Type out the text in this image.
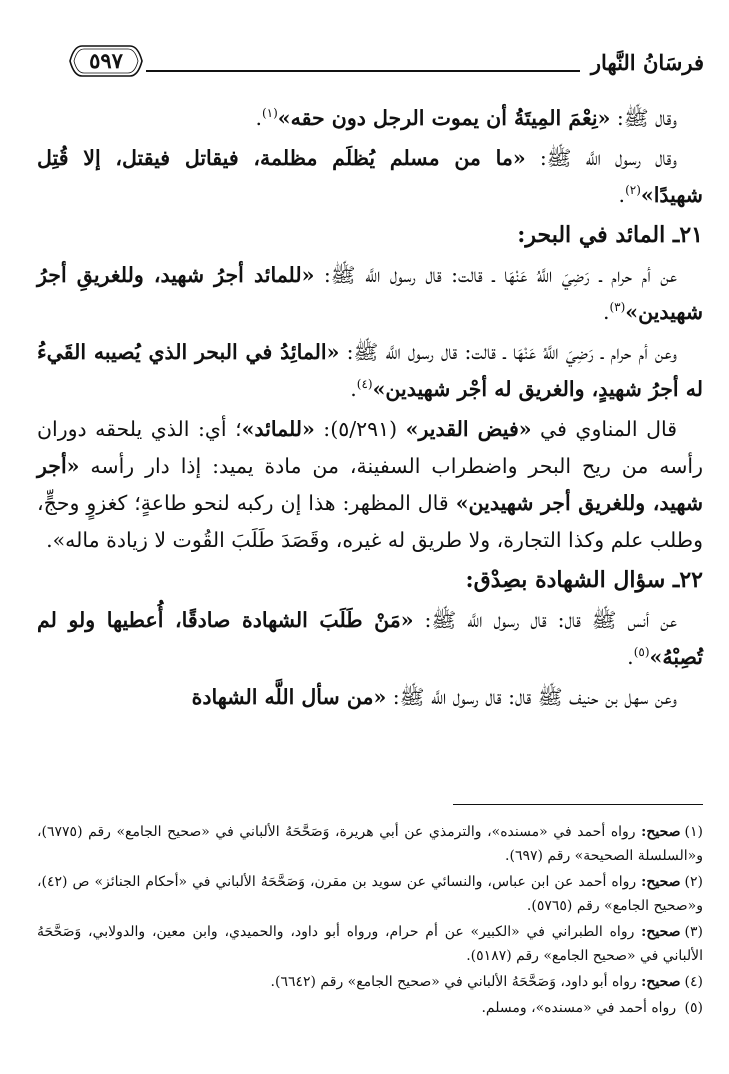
فرسَانُ النَّهار
٥٩٧

وقال ﷺ: «نِعْمَ المِيتَةُ أن يموت الرجل دون حقه»$^{(١)}$.

وقال رسول اللَّه ﷺ: «ما من مسلم يُظلَم مظلمة، فيقاتل فيقتل، إلا قُتِل شهيدًا»$^{(٢)}$.

٢١ـ المائد في البحر:

عن أم حرام ـ رَضِيَ اللَّهُ عَنْهَا ـ قالت: قال رسول اللَّه ﷺ: «للمائد أجرُ شهيد، وللغريقِ أجرُ شهيدين»$^{(٣)}$.

وعن أم حرام ـ رَضِيَ اللَّهُ عَنْهَا ـ قالت: قال رسول اللَّه ﷺ: «المائِدُ في البحر الذي يُصيبه القَيءُ له أجرُ شهيدٍ، والغريق له أجْر شهيدين»$^{(٤)}$.

قال المناوي في «فيض القدير» (٥/٢٩١): «للمائد»؛ أي: الذي يلحقه دوران رأسه من ريح البحر واضطراب السفينة، من مادة يميد: إذا دار رأسه «أجر شهيد، وللغريق أجر شهيدين» قال المظهر: هذا إن ركبه لنحو طاعةٍ؛ كغزوٍ وحجٍّ، وطلب علم وكذا التجارة، ولا طريق له غيره، وقَصَدَ طَلَبَ القُوت لا زيادة ماله».

٢٢ـ سؤال الشهادة بصِدْق:

عن أنس ﷺ قال: قال رسول اللَّه ﷺ: «مَنْ طَلَبَ الشهادة صادقًا، أُعطيها ولو لم تُصِبْهُ»$^{(٥)}$.

وعن سهل بن حنيف ﷺ قال: قال رسول اللَّه ﷺ: «من سأل اللَّه الشهادة

(١)صحيح: رواه أحمد في «مسنده»، والترمذي عن أبي هريرة، وَصَحَّحَهُ الألباني في «صحيح الجامع» رقم (٦٧٧٥)، و«السلسلة الصحيحة» رقم (٦٩٧).

(٢)صحيح: رواه أحمد عن ابن عباس، والنسائي عن سويد بن مقرن، وَصَحَّحَهُ الألباني في «أحكام الجنائز» ص (٤٢)، و«صحيح الجامع» رقم (٥٧٦٥).

(٣)صحيح: رواه الطبراني في «الكبير» عن أم حرام، ورواه أبو داود، والحميدي، وابن معين، والدولابي، وَصَحَّحَهُ الألباني في «صحيح الجامع» رقم (٥١٨٧).

(٤)صحيح: رواه أبو داود، وَصَحَّحَهُ الألباني في «صحيح الجامع» رقم (٦٦٤٢).

(٥) رواه أحمد في «مسنده»، ومسلم.
